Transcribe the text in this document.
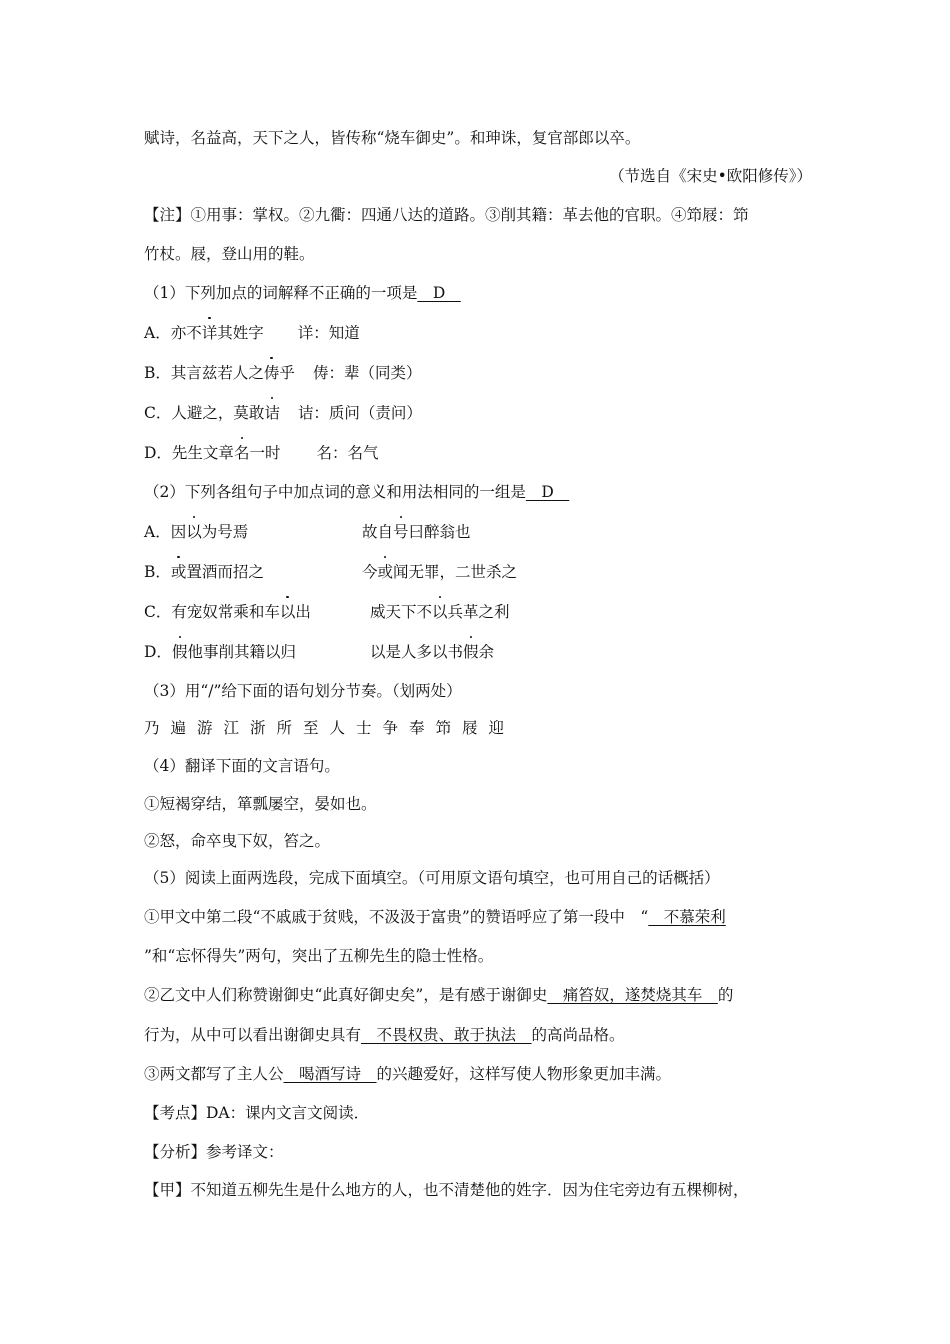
赋诗，名益高，天下之人，皆传称“烧车御史”。和珅诛，复官部郎以卒。
（节选自《宋史•欧阳修传》）
【注】①用事：掌权。②九衢：四通八达的道路。③削其籍：革去他的官职。④笻屐：笻
竹杖。屐，登山用的鞋。
（1）下列加点的词解释不正确的一项是　D　
A．亦不详其姓字 详：知道
B．其言兹若人之俦乎 俦：辈（同类）
C．人避之，莫敢诘 诘：质问（责问）
D．先生文章名一时 名：名气
（2）下列各组句子中加点词的意义和用法相同的一组是　D　
A．因以为号焉	故自号曰醉翁也
B．或置酒而招之	今或闻无罪，二世杀之
C．有宠奴常乘和车以出	威天下不以兵革之利
D．假他事削其籍以归	以是人多以书假余
（3）用“/”给下面的语句划分节奏。（划两处）
乃遍游江浙所至人士争奉笻屐迎
（4）翻译下面的文言语句。
①短褐穿结，箪瓢屡空，晏如也。
②怒，命卒曳下奴，笞之。
（5）阅读上面两选段，完成下面填空。（可用原文语句填空，也可用自己的话概括）
①甲文中第二段“不戚戚于贫贱，不汲汲于富贵”的赞语呼应了第一段中　“　不慕荣利
”和“忘怀得失”两句，突出了五柳先生的隐士性格。
②乙文中人们称赞谢御史“此真好御史矣”，是有感于谢御史　痛笞奴，遂焚烧其车　的
行为，从中可以看出谢御史具有　不畏权贵、敢于执法　的高尚品格。
③两文都写了主人公　喝酒写诗　的兴趣爱好，这样写使人物形象更加丰满。
【考点】DA：课内文言文阅读．
【分析】参考译文：
【甲】不知道五柳先生是什么地方的人，也不清楚他的姓字．因为住宅旁边有五棵柳树，
